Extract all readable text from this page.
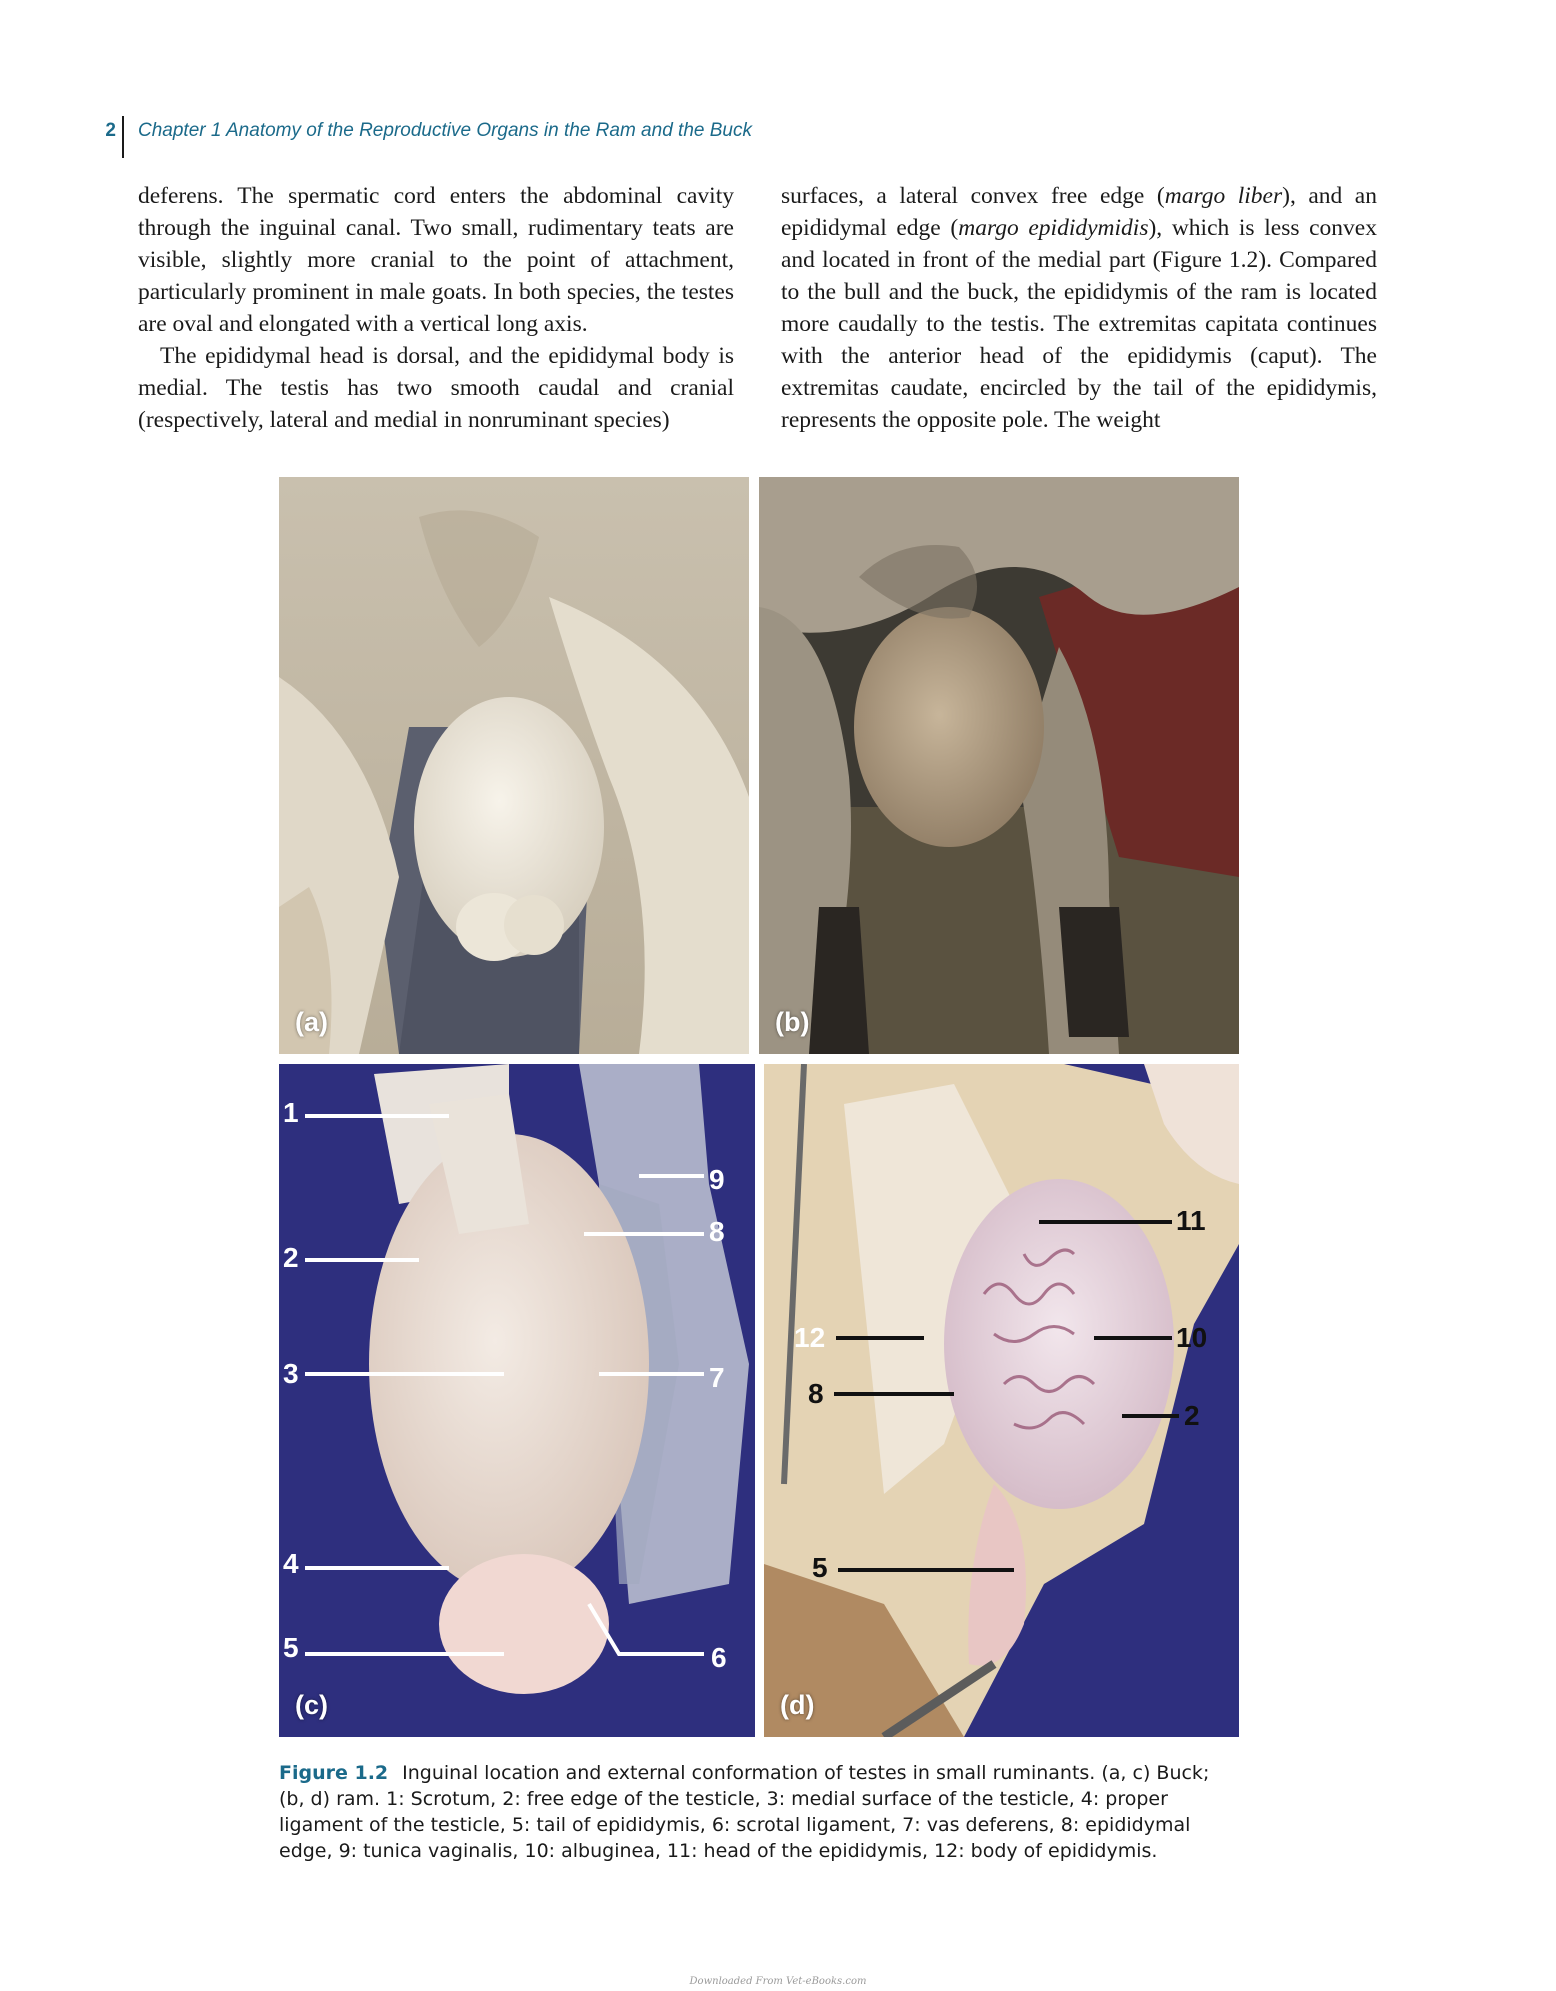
2 Chapter 1 Anatomy of the Reproductive Organs in the Ram and the Buck

deferens. The spermatic cord enters the abdominal cavity through the inguinal canal. Two small, rudimentary teats are visible, slightly more cranial to the point of attachment, particularly prominent in male goats. In both species, the testes are oval and elongated with a vertical long axis.

The epididymal head is dorsal, and the epididymal body is medial. The testis has two smooth caudal and cranial (respectively, lateral and medial in nonruminant species)

surfaces, a lateral convex free edge (margo liber), and an epididymal edge (margo epididymidis), which is less convex and located in front of the medial part (Figure 1.2). Compared to the bull and the buck, the epididymis of the ram is located more caudally to the testis. The extremitas capitata continues with the anterior head of the epididymis (caput). The extremitas caudate, encircled by the tail of the epididymis, represents the opposite pole. The weight

(a)	(b)
1
2
3
4
5	6
7
8
9
(c)
11
12	10
8
2
5
(d)
Figure 1.2 Inguinal location and external conformation of testes in small ruminants. (a, c) Buck; (b, d) ram. 1: Scrotum, 2: free edge of the testicle, 3: medial surface of the testicle, 4: proper ligament of the testicle, 5: tail of epididymis, 6: scrotal ligament, 7: vas deferens, 8: epididymal edge, 9: tunica vaginalis, 10: albuginea, 11: head of the epididymis, 12: body of epididymis.
Downloaded From Vet-eBooks.com
